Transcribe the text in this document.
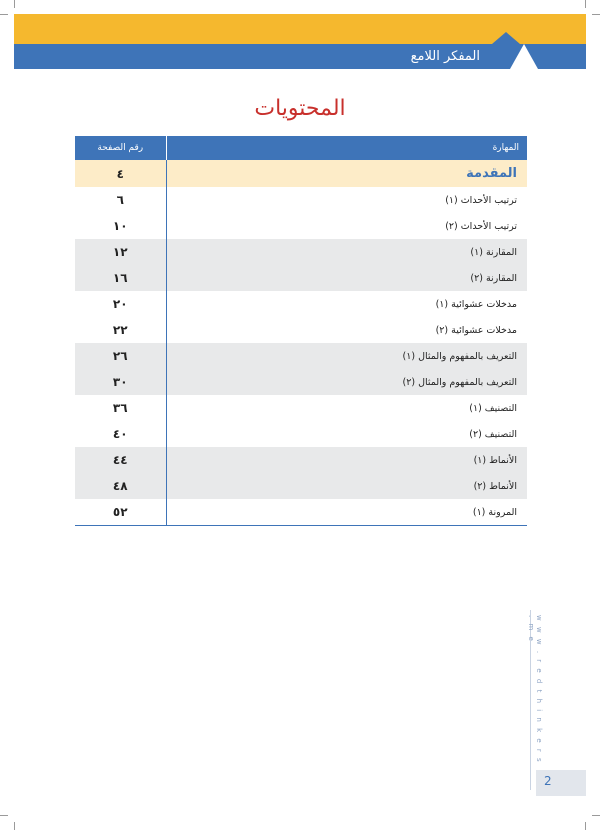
المفكر اللامع
المحتويات
المهارة	رقم الصفحة
المقدمة	٤
ترتيب الأحداث (١)	٦
ترتيب الأحداث (٢)	١٠
المقارنة (١)	١٢
المقارنة (٢)	١٦
مدخلات عشوائية (١)	٢٠
مدخلات عشوائية (٢)	٢٢
التعريف بالمفهوم والمثال (١)	٢٦
التعريف بالمفهوم والمثال (٢)	٣٠
التصنيف (١)	٣٦
التصنيف (٢)	٤٠
الأنماط (١)	٤٤
الأنماط (٢)	٤٨
المرونة (١)	٥٢
w w w . r e d t h i n k e r s . m e
2
